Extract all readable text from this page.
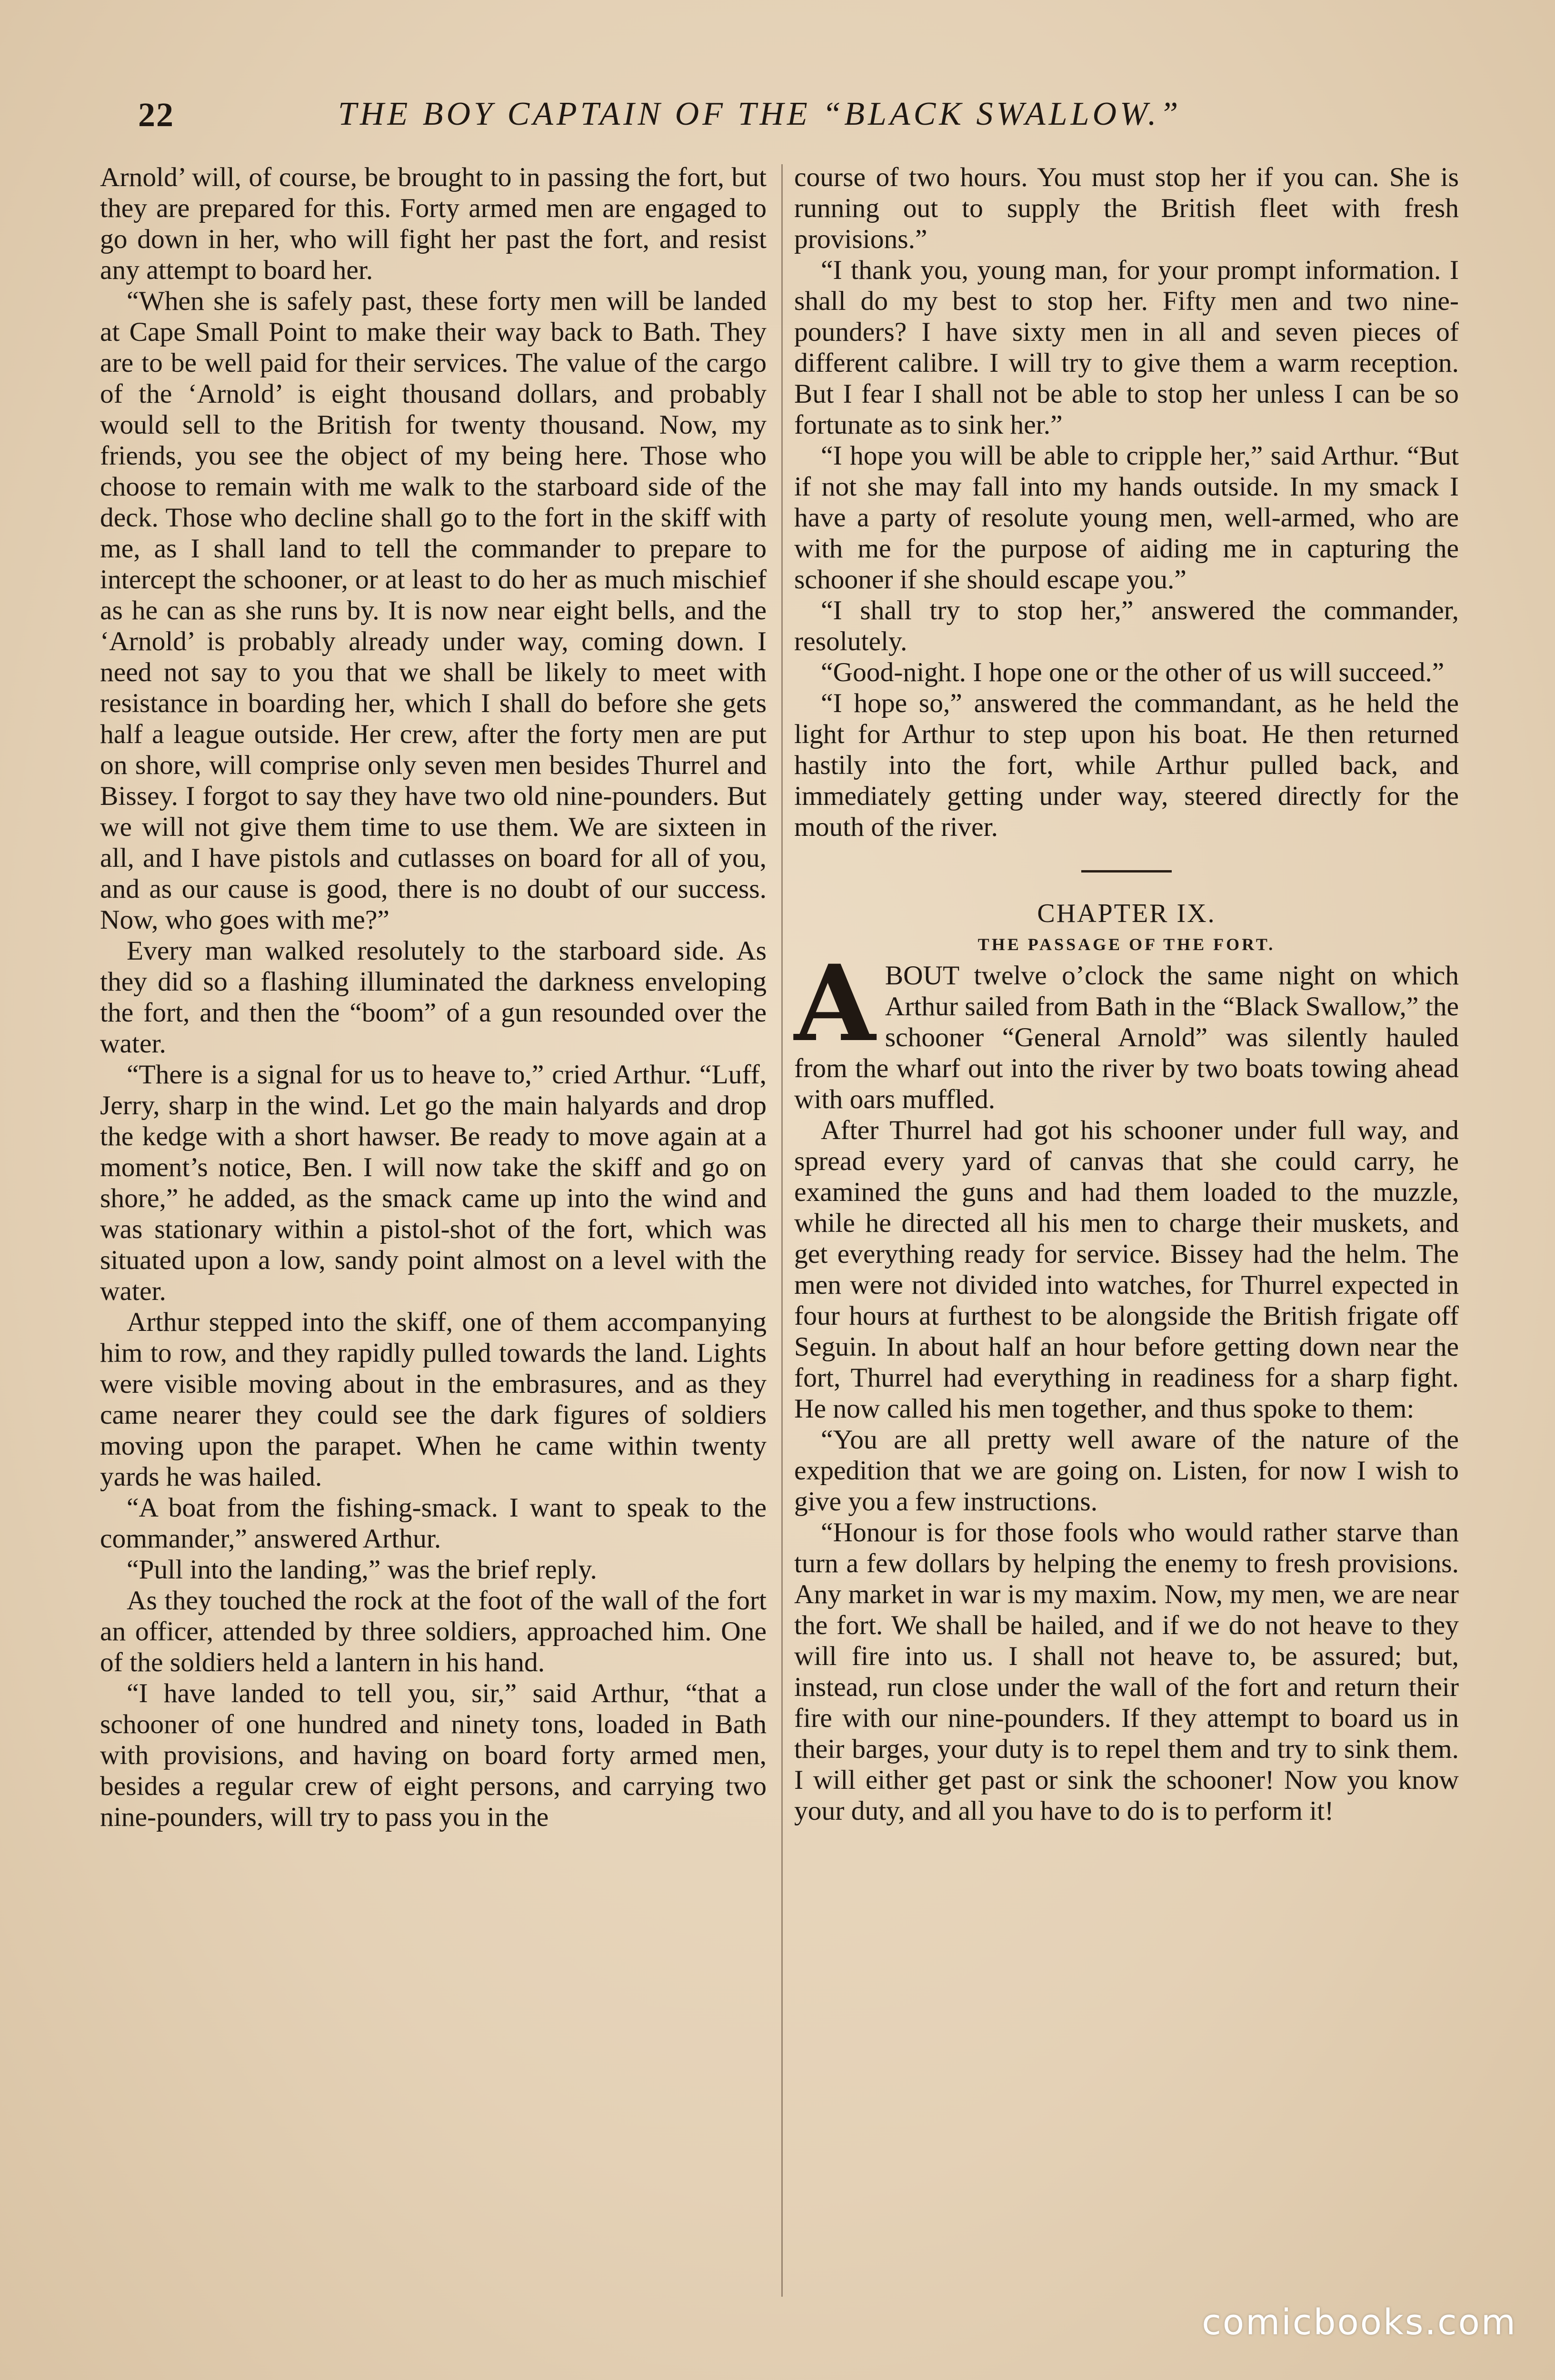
22	THE BOY CAPTAIN OF THE “BLACK SWALLOW.”

Arnold’ will, of course, be brought to in passing the fort, but they are prepared for this. Forty armed men are engaged to go down in her, who will fight her past the fort, and resist any attempt to board her.

“When she is safely past, these forty men will be landed at Cape Small Point to make their way back to Bath. They are to be well paid for their services. The value of the cargo of the ‘Arnold’ is eight thousand dollars, and probably would sell to the British for twenty thousand. Now, my friends, you see the object of my being here. Those who choose to remain with me walk to the starboard side of the deck. Those who decline shall go to the fort in the skiff with me, as I shall land to tell the commander to prepare to intercept the schooner, or at least to do her as much mischief as he can as she runs by. It is now near eight bells, and the ‘Arnold’ is probably already under way, coming down. I need not say to you that we shall be likely to meet with resistance in boarding her, which I shall do before she gets half a league outside. Her crew, after the forty men are put on shore, will comprise only seven men besides Thurrel and Bissey. I forgot to say they have two old nine-pounders. But we will not give them time to use them. We are sixteen in all, and I have pistols and cutlasses on board for all of you, and as our cause is good, there is no doubt of our success. Now, who goes with me?”

Every man walked resolutely to the starboard side. As they did so a flashing illuminated the darkness enveloping the fort, and then the “boom” of a gun resounded over the water.

“There is a signal for us to heave to,” cried Arthur. “Luff, Jerry, sharp in the wind. Let go the main halyards and drop the kedge with a short hawser. Be ready to move again at a moment’s notice, Ben. I will now take the skiff and go on shore,” he added, as the smack came up into the wind and was stationary within a pistol-shot of the fort, which was situated upon a low, sandy point almost on a level with the water.

Arthur stepped into the skiff, one of them accompanying him to row, and they rapidly pulled towards the land. Lights were visible moving about in the embrasures, and as they came nearer they could see the dark figures of soldiers moving upon the parapet. When he came within twenty yards he was hailed.

“A boat from the fishing-smack. I want to speak to the commander,” answered Arthur.

“Pull into the landing,” was the brief reply.

As they touched the rock at the foot of the wall of the fort an officer, attended by three soldiers, approached him. One of the soldiers held a lantern in his hand.

“I have landed to tell you, sir,” said Arthur, “that a schooner of one hundred and ninety tons, loaded in Bath with provisions, and having on board forty armed men, besides a regular crew of eight persons, and carrying two nine-pounders, will try to pass you in the

course of two hours. You must stop her if you can. She is running out to supply the British fleet with fresh provisions.”

“I thank you, young man, for your prompt information. I shall do my best to stop her. Fifty men and two nine-pounders? I have sixty men in all and seven pieces of different calibre. I will try to give them a warm reception. But I fear I shall not be able to stop her unless I can be so fortunate as to sink her.”

“I hope you will be able to cripple her,” said Arthur. “But if not she may fall into my hands outside. In my smack I have a party of resolute young men, well-armed, who are with me for the purpose of aiding me in capturing the schooner if she should escape you.”

“I shall try to stop her,” answered the commander, resolutely.

“Good-night. I hope one or the other of us will succeed.”

“I hope so,” answered the commandant, as he held the light for Arthur to step upon his boat. He then returned hastily into the fort, while Arthur pulled back, and immediately getting under way, steered directly for the mouth of the river.

CHAPTER IX.

THE PASSAGE OF THE FORT.

ABOUT twelve o’clock the same night on which Arthur sailed from Bath in the “Black Swallow,” the schooner “General Arnold” was silently hauled from the wharf out into the river by two boats towing ahead with oars muffled.

After Thurrel had got his schooner under full way, and spread every yard of canvas that she could carry, he examined the guns and had them loaded to the muzzle, while he directed all his men to charge their muskets, and get everything ready for service. Bissey had the helm. The men were not divided into watches, for Thurrel expected in four hours at furthest to be alongside the British frigate off Seguin. In about half an hour before getting down near the fort, Thurrel had everything in readiness for a sharp fight. He now called his men together, and thus spoke to them:

“You are all pretty well aware of the nature of the expedition that we are going on. Listen, for now I wish to give you a few instructions.

“Honour is for those fools who would rather starve than turn a few dollars by helping the enemy to fresh provisions. Any market in war is my maxim. Now, my men, we are near the fort. We shall be hailed, and if we do not heave to they will fire into us. I shall not heave to, be assured; but, instead, run close under the wall of the fort and return their fire with our nine-pounders. If they attempt to board us in their barges, your duty is to repel them and try to sink them. I will either get past or sink the schooner! Now you know your duty, and all you have to do is to perform it!

comicbooks.com
